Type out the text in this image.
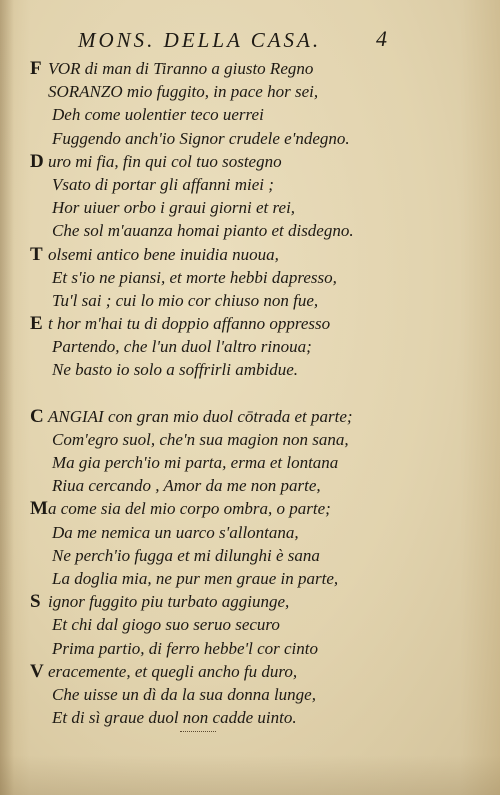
MONS. DELLA CASA.	4
F VOR di man di Tiranno a giusto Regno
SORANZO mio fuggito, in pace hor sei,
Deh come uolentier teco uerrei
Fuggendo anch'io Signor crudele e'ndegno.
D uro mi fia, fin qui col tuo sostegno
Vsato di portar gli affanni miei ;
Hor uiuer orbo i graui giorni et rei,
Che sol m'auanza homai pianto et disdegno.
T olsemi antico bene inuidia nuoua,
Et s'io ne piansi, et morte hebbi dapresso,
Tu'l sai ; cui lo mio cor chiuso non fue,
E t hor m'hai tu di doppio affanno oppresso
Partendo, che l'un duol l'altro rinoua;
Ne basto io solo a soffrirli ambidue.
C ANGIAI con gran mio duol cōtrada et parte;
Com'egro suol, che'n sua magion non sana,
Ma gia perch'io mi parta, erma et lontana
Riua cercando , Amor da me non parte,
Ma come sia del mio corpo ombra, o parte;
Da me nemica un uarco s'allontana,
Ne perch'io fugga et mi dilunghi è sana
La doglia mia, ne pur men graue in parte,
S ignor fuggito piu turbato aggiunge,
Et chi dal giogo suo seruo securo
Prima partio, di ferro hebbe'l cor cinto
V eracemente, et quegli ancho fu duro,
Che uisse un dì da la sua donna lunge,
Et di sì graue duol non cadde uinto.
